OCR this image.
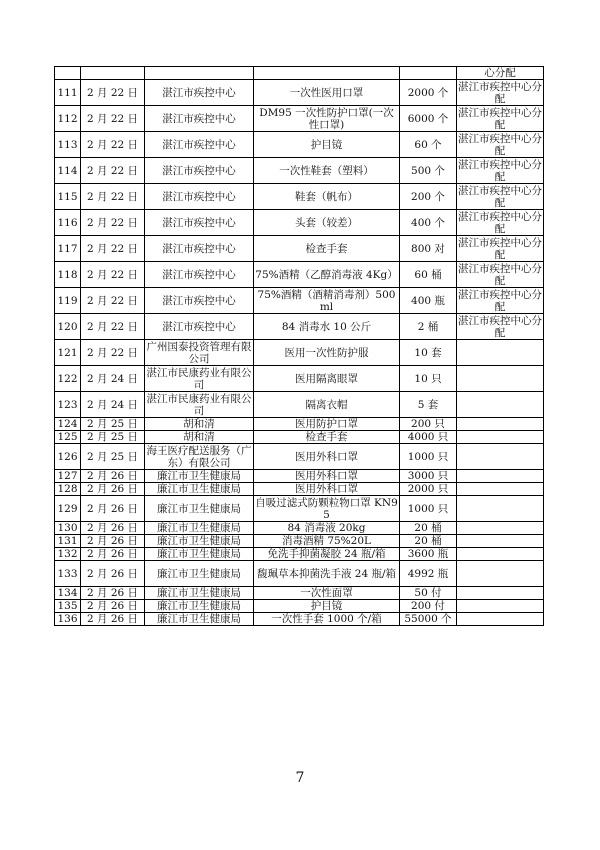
					心分配
111	2 月 22 日	湛江市疾控中心	一次性医用口罩	2000 个	湛江市疾控中心分配
112	2 月 22 日	湛江市疾控中心	DM95 一次性防护口罩(一次性口罩)	6000 个	湛江市疾控中心分配
113	2 月 22 日	湛江市疾控中心	护目镜	60 个	湛江市疾控中心分配
114	2 月 22 日	湛江市疾控中心	一次性鞋套（塑料）	500 个	湛江市疾控中心分配
115	2 月 22 日	湛江市疾控中心	鞋套（帆布）	200 个	湛江市疾控中心分配
116	2 月 22 日	湛江市疾控中心	头套（较差）	400 个	湛江市疾控中心分配
117	2 月 22 日	湛江市疾控中心	检查手套	800 对	湛江市疾控中心分配
118	2 月 22 日	湛江市疾控中心	75%酒精（乙醇消毒液 4Kg）	60 桶	湛江市疾控中心分配
119	2 月 22 日	湛江市疾控中心	75%酒精（酒精消毒剂）500ml	400 瓶	湛江市疾控中心分配
120	2 月 22 日	湛江市疾控中心	84 消毒水 10 公斤	2 桶	湛江市疾控中心分配
121	2 月 22 日	广州国泰投资管理有限公司	医用一次性防护服	10 套	
122	2 月 24 日	湛江市民康药业有限公司	医用隔离眼罩	10 只	
123	2 月 24 日	湛江市民康药业有限公司	隔离衣帽	5 套	
124	2 月 25 日	胡和清	医用防护口罩	200 只	
125	2 月 25 日	胡和清	检查手套	4000 只	
126	2 月 25 日	海王医疗配送服务（广东）有限公司	医用外科口罩	1000 只	
127	2 月 26 日	廉江市卫生健康局	医用外科口罩	3000 只	
128	2 月 26 日	廉江市卫生健康局	医用外科口罩	2000 只	
129	2 月 26 日	廉江市卫生健康局	自吸过滤式防颗粒物口罩 KN95	1000 只	
130	2 月 26 日	廉江市卫生健康局	84 消毒液 20kg	20 桶	
131	2 月 26 日	廉江市卫生健康局	消毒酒精 75%20L	20 桶	
132	2 月 26 日	廉江市卫生健康局	免洗手抑菌凝胶 24 瓶/箱	3600 瓶	
133	2 月 26 日	廉江市卫生健康局	馥珮草本抑菌洗手液 24 瓶/箱	4992 瓶	
134	2 月 26 日	廉江市卫生健康局	一次性面罩	50 付	
135	2 月 26 日	廉江市卫生健康局	护目镜	200 付	
136	2 月 26 日	廉江市卫生健康局	一次性手套 1000 个/箱	55000 个	
7
